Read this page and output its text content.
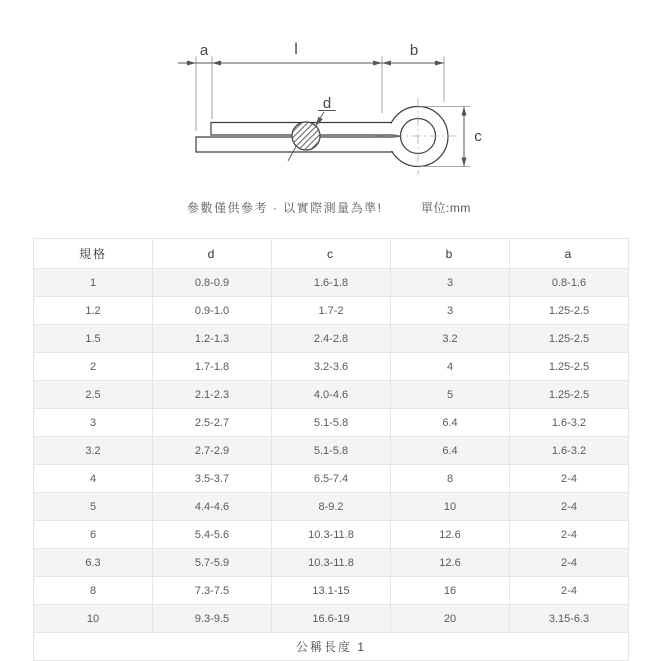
a	l	b
d
c
參數僅供參考 · 以實際測量為準!	單位:mm
規格	d	c	b	a
1	0.8-0.9	1.6-1.8	3	0.8-1.6
1.2	0.9-1.0	1.7-2	3	1.25-2.5
1.5	1.2-1.3	2.4-2.8	3.2	1.25-2.5
2	1.7-1.8	3.2-3.6	4	1.25-2.5
2.5	2.1-2.3	4.0-4.6	5	1.25-2.5
3	2.5-2.7	5.1-5.8	6.4	1.6-3.2
3.2	2.7-2.9	5.1-5.8	6.4	1.6-3.2
4	3.5-3.7	6.5-7.4	8	2-4
5	4.4-4.6	8-9.2	10	2-4
6	5.4-5.6	10.3-11.8	12.6	2-4
6.3	5.7-5.9	10.3-11.8	12.6	2-4
8	7.3-7.5	13.1-15	16	2-4
10	9.3-9.5	16.6-19	20	3.15-6.3
公稱長度 1				
